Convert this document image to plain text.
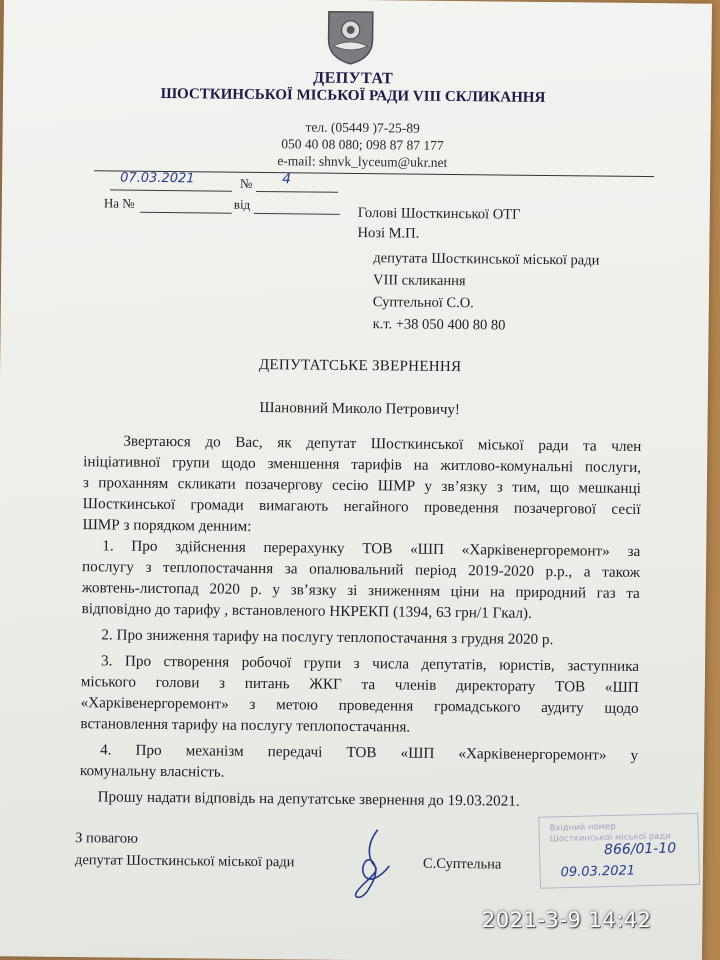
ДЕПУТАТ
ШОСТКИНСЬКОЇ МІСЬКОЇ РАДИ VIII СКЛИКАННЯ
тел. (05449 )7-25-89
050 40 08 080; 098 87 87 177
e-mail: shnvk_lyceum@ukr.net
07.03.2021	№ 4
На №	від
Голові Шосткинської ОТГ
Нозі М.П.
депутата Шосткинської міської ради
VIII скликання
Суптельної С.О.
к.т. +38 050 400 80 80
ДЕПУТАТСЬКЕ ЗВЕРНЕННЯ
Шановний Миколо Петровичу!
Звертаюся до Вас, як депутат Шосткинської міської ради та член
ініціативної групи щодо зменшення тарифів на житлово-комунальні послуги,
з проханням скликати позачергову сесію ШМР у зв’язку з тим, що мешканці
Шосткинської громади вимагають негайного проведення позачергової сесії
ШМР з порядком денним:
1. Про здійснення перерахунку ТОВ «ШП «Харківенергоремонт» за
послугу з теплопостачання за опалювальний період 2019-2020 р.р., а також
жовтень-листопад 2020 р. у зв’язку зі зниженням ціни на природний газ та
відповідно до тарифу , встановленого НКРЕКП (1394, 63 грн/1 Гкал).
2. Про зниження тарифу на послугу теплопостачання з грудня 2020 р.
3. Про створення робочої групи з числа депутатів, юристів, заступника
міського голови з питань ЖКГ та членів директорату ТОВ «ШП
«Харківенергоремонт» з метою проведення громадського аудиту щодо
встановлення тарифу на послугу теплопостачання.
4. Про механізм передачі ТОВ «ШП «Харківенергоремонт» у
комунальну власність.
Прошу надати відповідь на депутатське звернення до 19.03.2021.
З повагою
депутат Шосткинської міської ради	С.Суптельна
Вхідний номер
Шосткинської міської ради
866/01-10
09.03.2021
2021-3-9 14:42
